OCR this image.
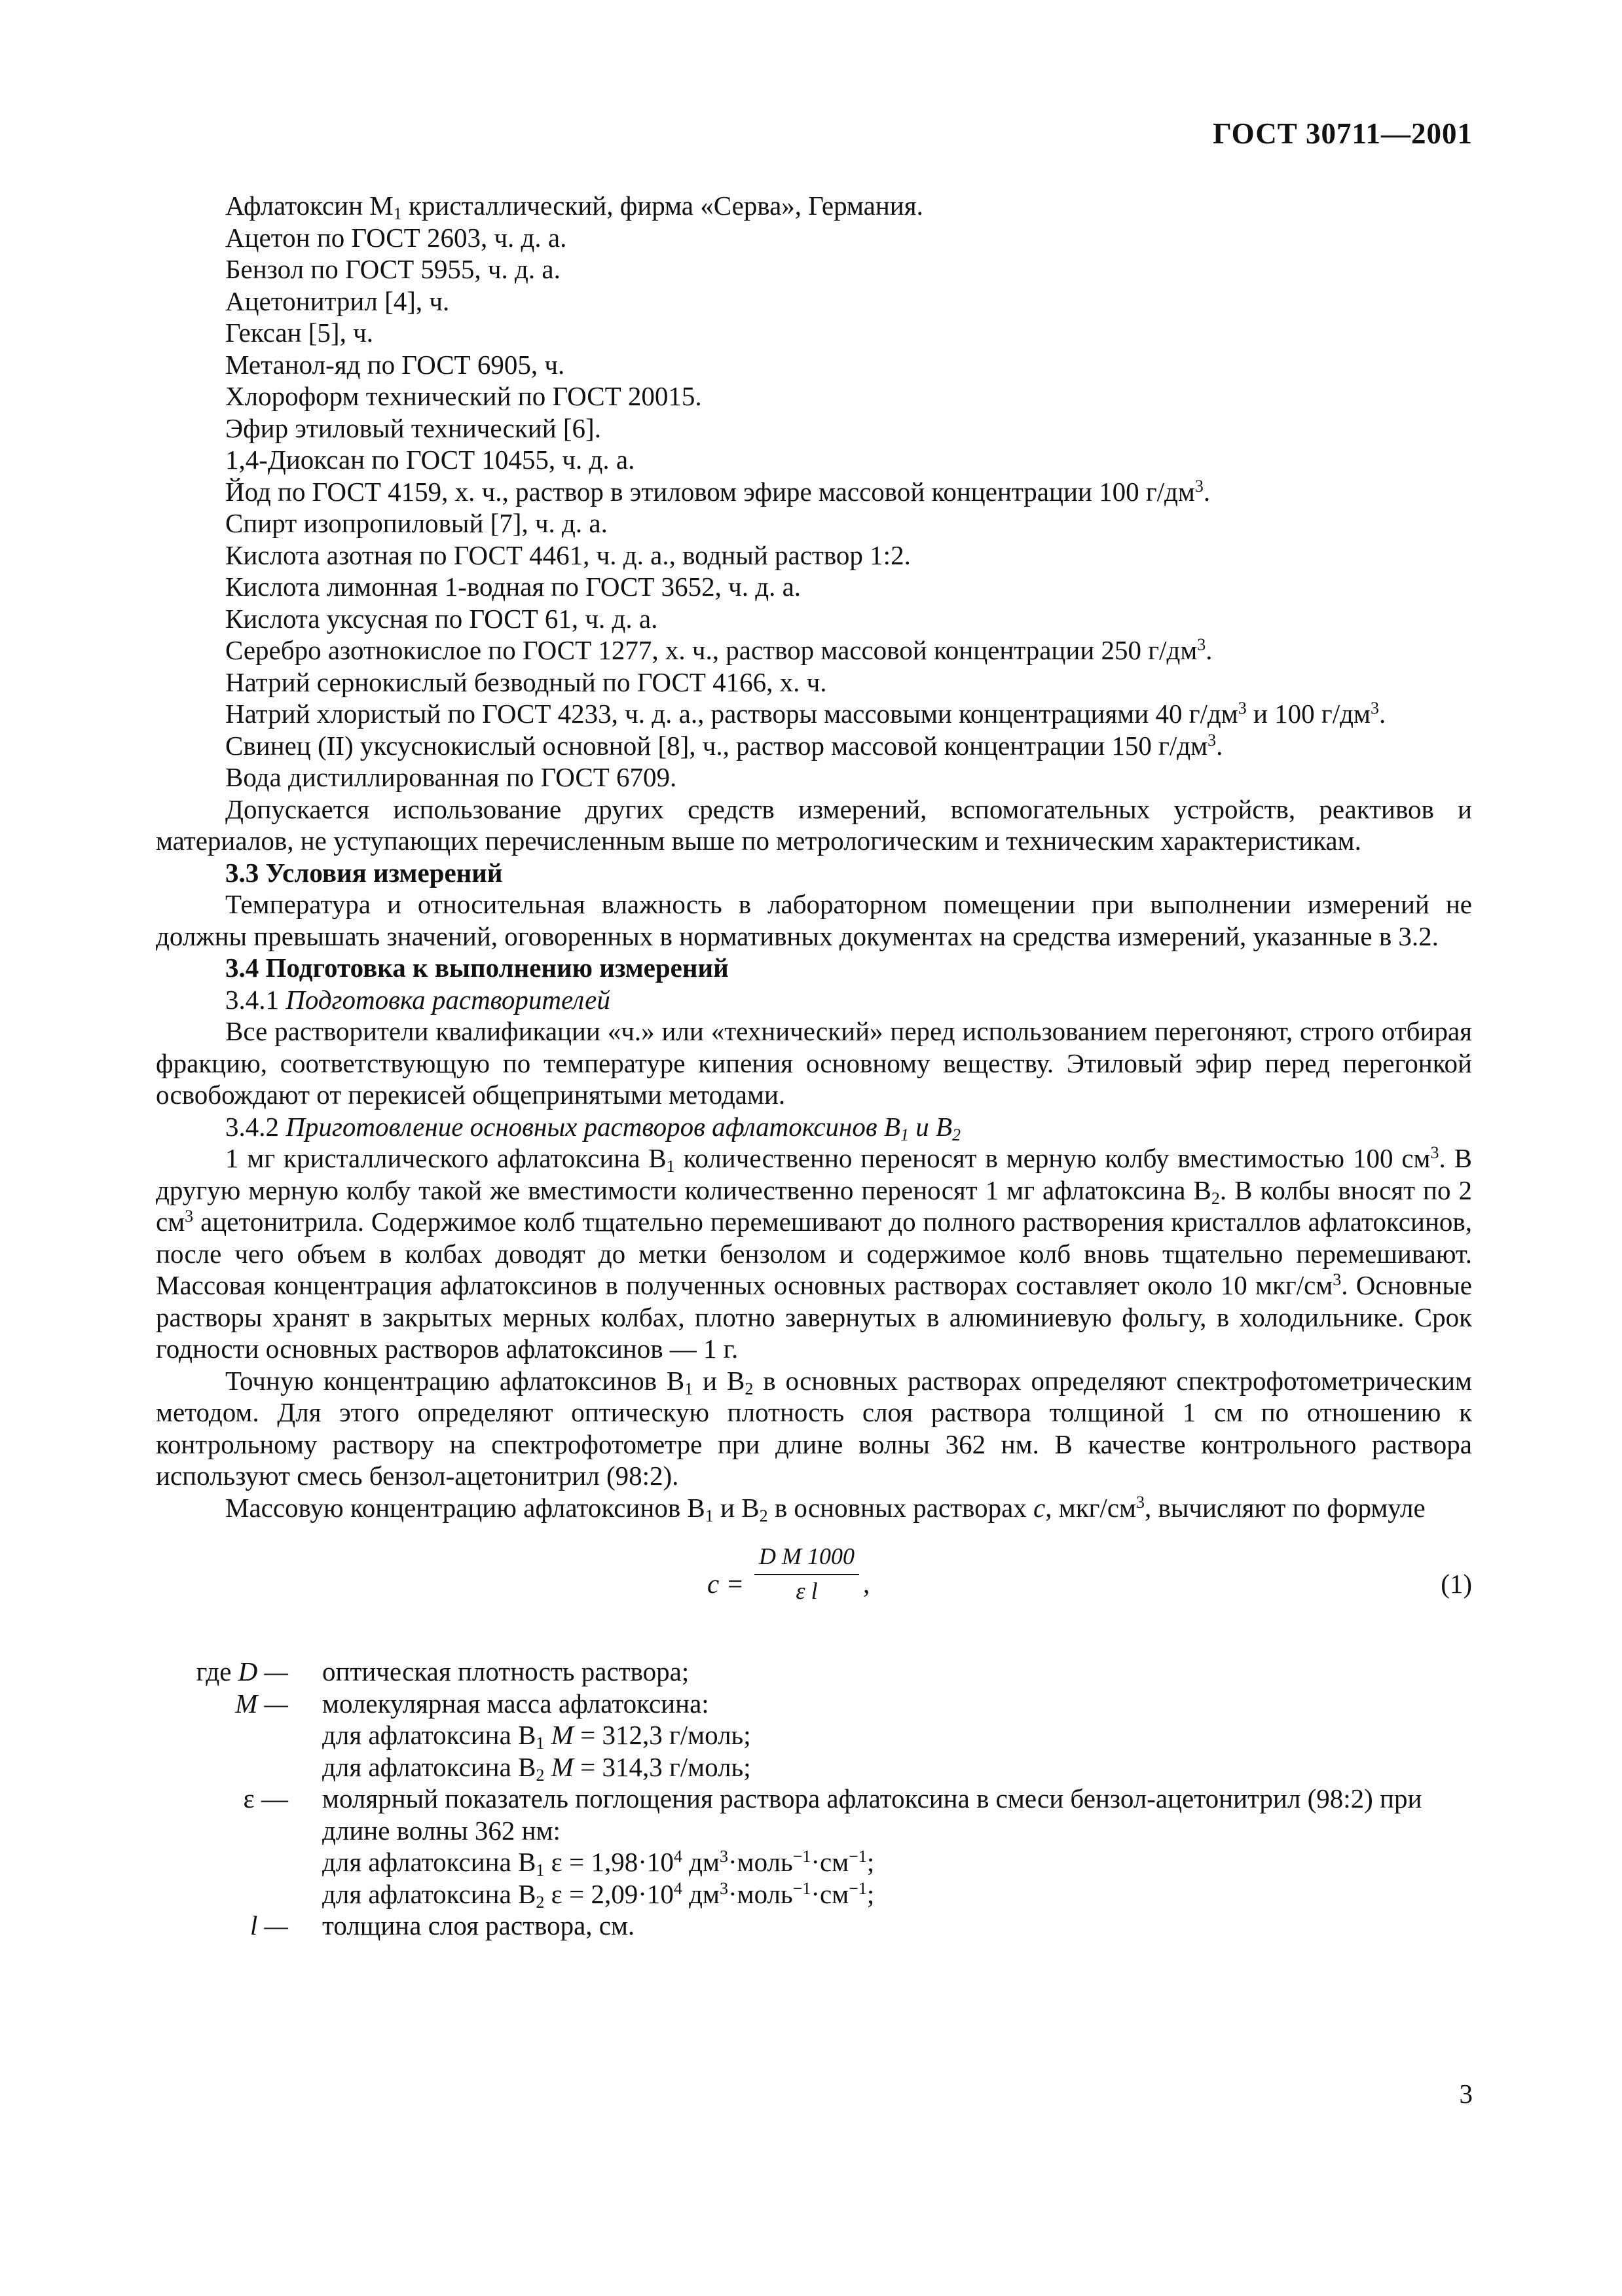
ГОСТ 30711—2001

Афлатоксин $М_1$ кристаллический, фирма «Серва», Германия.

Ацетон по ГОСТ 2603, ч. д. а.

Бензол по ГОСТ 5955, ч. д. а.

Ацетонитрил [4], ч.

Гексан [5], ч.

Метанол-яд по ГОСТ 6905, ч.

Хлороформ технический по ГОСТ 20015.

Эфир этиловый технический [6].

1,4-Диоксан по ГОСТ 10455, ч. д. а.

Йод по ГОСТ 4159, х. ч., раствор в этиловом эфире массовой концентрации 100 $г/дм^3$.

Спирт изопропиловый [7], ч. д. а.

Кислота азотная по ГОСТ 4461, ч. д. а., водный раствор 1:2.

Кислота лимонная 1-водная по ГОСТ 3652, ч. д. а.

Кислота уксусная по ГОСТ 61, ч. д. а.

Серебро азотнокислое по ГОСТ 1277, х. ч., раствор массовой концентрации 250 $г/дм^3$.

Натрий сернокислый безводный по ГОСТ 4166, х. ч.

Натрий хлористый по ГОСТ 4233, ч. д. а., растворы массовыми концентрациями 40 $г/дм^3$ и 100 $г/дм^3$.

Свинец (II) уксуснокислый основной [8], ч., раствор массовой концентрации 150 $г/дм^3$.

Вода дистиллированная по ГОСТ 6709.

Допускается использование других средств измерений, вспомогательных устройств, реактивов и материалов, не уступающих перечисленным выше по метрологическим и техническим характеристикам.

3.3 Условия измерений

Температура и относительная влажность в лабораторном помещении при выполнении измерений не должны превышать значений, оговоренных в нормативных документах на средства измерений, указанные в 3.2.

3.4 Подготовка к выполнению измерений

3.4.1 Подготовка растворителей

Все растворители квалификации «ч.» или «технический» перед использованием перегоняют, строго отбирая фракцию, соответствующую по температуре кипения основному веществу. Этиловый эфир перед перегонкой освобождают от перекисей общепринятыми методами.

3.4.2 Приготовление основных растворов афлатоксинов $B_1$ и $B_2$

1 мг кристаллического афлатоксина $В_1$ количественно переносят в мерную колбу вместимостью 100 $см^3$. В другую мерную колбу такой же вместимости количественно переносят 1 мг афлатоксина $В_2$. В колбы вносят по 2 $см^3$ ацетонитрила. Содержимое колб тщательно перемешивают до полного растворения кристаллов афлатоксинов, после чего объем в колбах доводят до метки бензолом и содержимое колб вновь тщательно перемешивают. Массовая концентрация афлатоксинов в полученных основных растворах составляет около 10 мкг/$см^3$. Основные растворы хранят в закрытых мерных колбах, плотно завернутых в алюминиевую фольгу, в холодильнике. Срок годности основных растворов афлатоксинов — 1 г.

Точную концентрацию афлатоксинов $В_1$ и $В_2$ в основных растворах определяют спектрофотометрическим методом. Для этого определяют оптическую плотность слоя раствора толщиной 1 см по отношению к контрольному раствору на спектрофотометре при длине волны 362 нм. В качестве контрольного раствора используют смесь бензол-ацетонитрил (98:2).

Массовую концентрацию афлатоксинов $В_1$ и $В_2$ в основных растворах c, мкг/$см^3$, вычисляют по формуле

$c = \frac{\text{D M 1000}}{\text{ε l}}$ ,	(1)
где D — оптическая плотность раствора;
M — молекулярная масса афлатоксина:
для афлатоксина $В_1$ M = 312,3 г/моль;
для афлатоксина $В_2$ M = 314,3 г/моль;
ε — молярный показатель поглощения раствора афлатоксина в смеси бензол-ацетонитрил (98:2) при длине волны 362 нм:
для афлатоксина $В_1$ $\varepsilon = 1,98\cdot 10^4$ $дм^3\cdot моль^{-1}\cdot см^{-1}$;
для афлатоксина $В_2$ $\varepsilon = 2,09\cdot 10^4$ $дм^3\cdot моль^{-1}\cdot см^{-1}$;
l — толщина слоя раствора, см.
3
